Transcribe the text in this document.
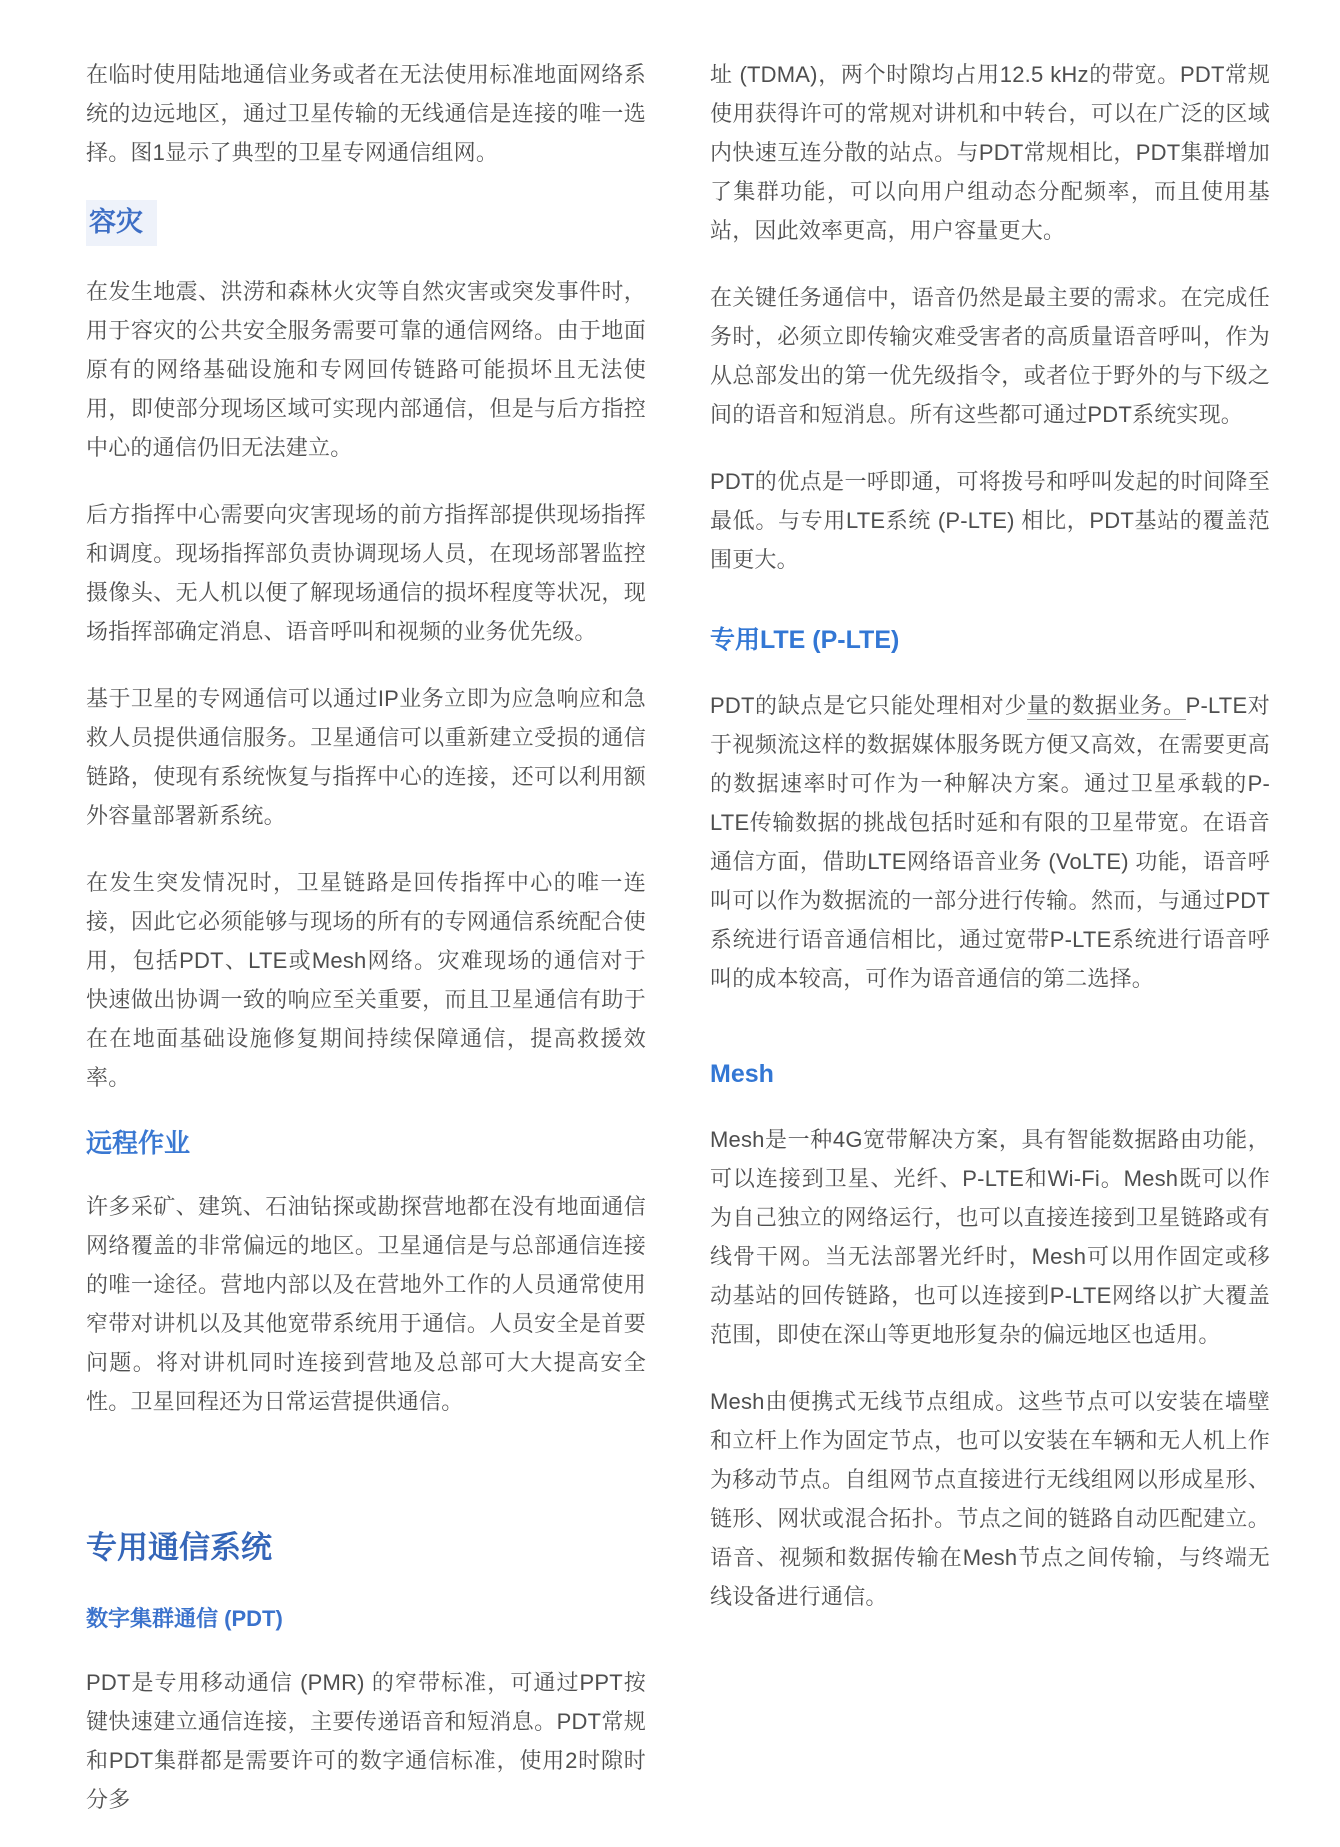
在临时使用陆地通信业务或者在无法使用标准地面网络系统的边远地区，通过卫星传输的无线通信是连接的唯一选择。图1显示了典型的卫星专网通信组网。

容灾

在发生地震、洪涝和森林火灾等自然灾害或突发事件时，用于容灾的公共安全服务需要可靠的通信网络。由于地面原有的网络基础设施和专网回传链路可能损坏且无法使用，即使部分现场区域可实现内部通信，但是与后方指控中心的通信仍旧无法建立。

后方指挥中心需要向灾害现场的前方指挥部提供现场指挥和调度。现场指挥部负责协调现场人员，在现场部署监控摄像头、无人机以便了解现场通信的损坏程度等状况，现场指挥部确定消息、语音呼叫和视频的业务优先级。

基于卫星的专网通信可以通过IP业务立即为应急响应和急救人员提供通信服务。卫星通信可以重新建立受损的通信链路，使现有系统恢复与指挥中心的连接，还可以利用额外容量部署新系统。

在发生突发情况时，卫星链路是回传指挥中心的唯一连接，因此它必须能够与现场的所有的专网通信系统配合使用，包括PDT、LTE或Mesh网络。灾难现场的通信对于快速做出协调一致的响应至关重要，而且卫星通信有助于在在地面基础设施修复期间持续保障通信，提高救援效率。

远程作业

许多采矿、建筑、石油钻探或勘探营地都在没有地面通信网络覆盖的非常偏远的地区。卫星通信是与总部通信连接的唯一途径。营地内部以及在营地外工作的人员通常使用窄带对讲机以及其他宽带系统用于通信。人员安全是首要问题。将对讲机同时连接到营地及总部可大大提高安全性。卫星回程还为日常运营提供通信。

专用通信系统
数字集群通信 (PDT)

PDT是专用移动通信 (PMR) 的窄带标准，可通过PPT按键快速建立通信连接，主要传递语音和短消息。PDT常规和PDT集群都是需要许可的数字通信标准，使用2时隙时分多

址 (TDMA)，两个时隙均占用12.5 kHz的带宽。PDT常规使用获得许可的常规对讲机和中转台，可以在广泛的区域内快速互连分散的站点。与PDT常规相比，PDT集群增加了集群功能，可以向用户组动态分配频率，而且使用基站，因此效率更高，用户容量更大。

在关键任务通信中，语音仍然是最主要的需求。在完成任务时，必须立即传输灾难受害者的高质量语音呼叫，作为从总部发出的第一优先级指令，或者位于野外的与下级之间的语音和短消息。所有这些都可通过PDT系统实现。

PDT的优点是一呼即通，可将拨号和呼叫发起的时间降至最低。与专用LTE系统 (P-LTE) 相比，PDT基站的覆盖范围更大。

专用LTE (P-LTE)

PDT的缺点是它只能处理相对少量的数据业务。P-LTE对于视频流这样的数据媒体服务既方便又高效，在需要更高的数据速率时可作为一种解决方案。通过卫星承载的P-LTE传输数据的挑战包括时延和有限的卫星带宽。在语音通信方面，借助LTE网络语音业务 (VoLTE) 功能，语音呼叫可以作为数据流的一部分进行传输。然而，与通过PDT系统进行语音通信相比，通过宽带P-LTE系统进行语音呼叫的成本较高，可作为语音通信的第二选择。

Mesh

Mesh是一种4G宽带解决方案，具有智能数据路由功能，可以连接到卫星、光纤、P-LTE和Wi-Fi。Mesh既可以作为自己独立的网络运行，也可以直接连接到卫星链路或有线骨干网。当无法部署光纤时，Mesh可以用作固定或移动基站的回传链路，也可以连接到P-LTE网络以扩大覆盖范围，即使在深山等更地形复杂的偏远地区也适用。

Mesh由便携式无线节点组成。这些节点可以安装在墙壁和立杆上作为固定节点，也可以安装在车辆和无人机上作为移动节点。自组网节点直接进行无线组网以形成星形、链形、网状或混合拓扑。节点之间的链路自动匹配建立。语音、视频和数据传输在Mesh节点之间传输，与终端无线设备进行通信。
